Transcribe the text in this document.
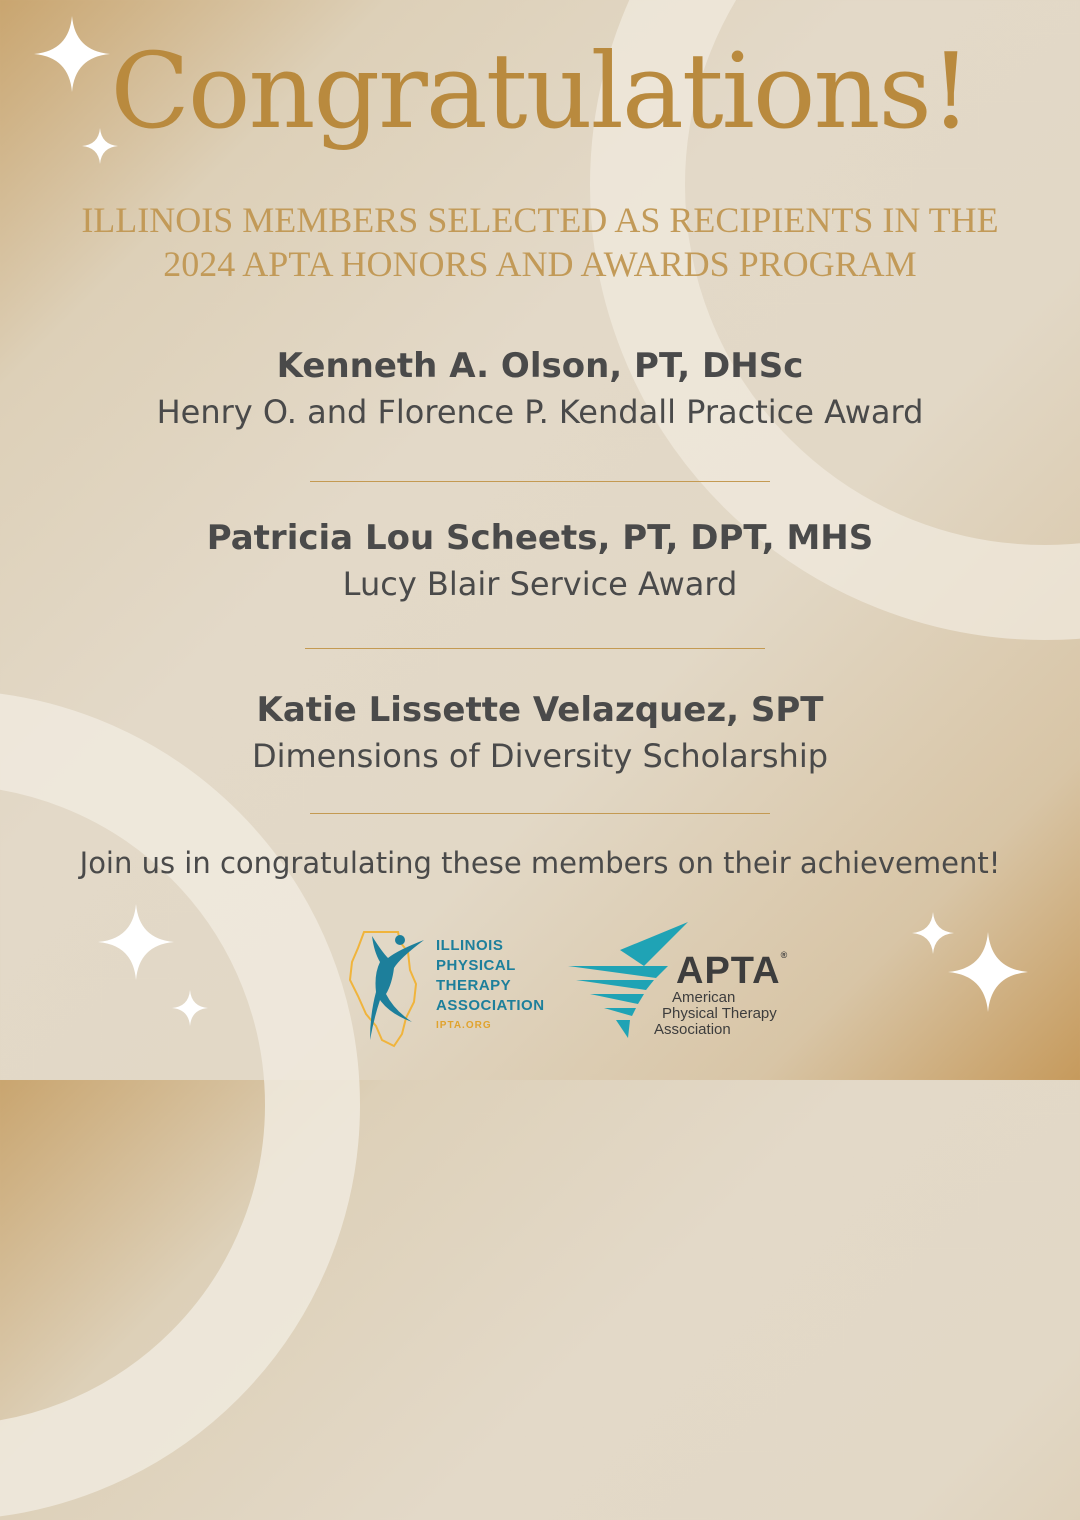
Congratulations!
ILLINOIS MEMBERS SELECTED AS RECIPIENTS IN THE
2024 APTA HONORS AND AWARDS PROGRAM
Kenneth A. Olson, PT, DHSc
Henry O. and Florence P. Kendall Practice Award
Patricia Lou Scheets, PT, DPT, MHS
Lucy Blair Service Award
Katie Lissette Velazquez, SPT
Dimensions of Diversity Scholarship
Join us in congratulating these members on their achievement!
ILLINOIS
PHYSICAL
THERAPY
ASSOCIATION
IPTA.ORG
APTA®
American
Physical Therapy
Association
